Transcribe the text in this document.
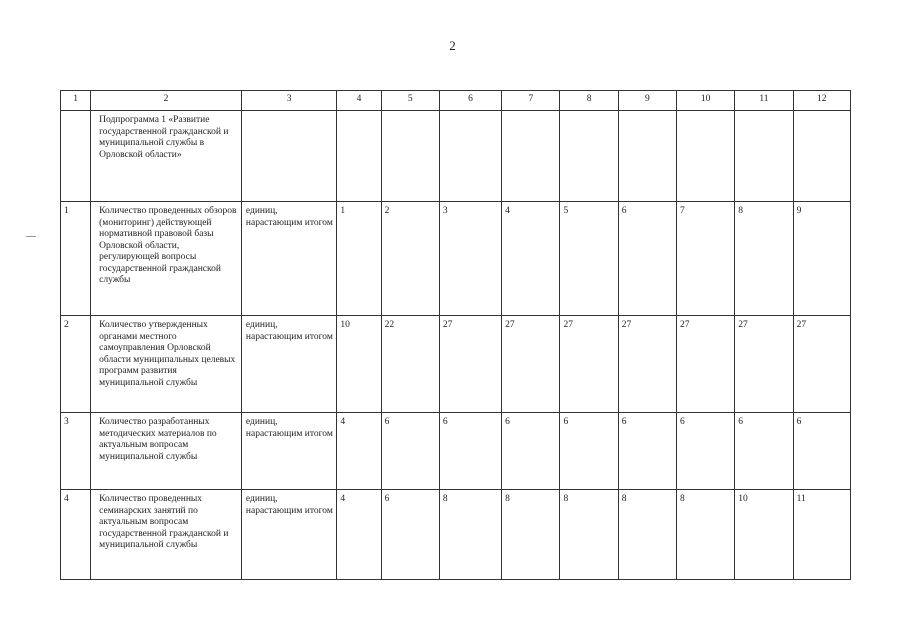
2
1	2	3	4	5	6	7	8	9	10	11	12
	Подпрограмма 1 «Развитие государственной гражданской и муниципальной службы в Орловской области»										
1	Количество проведенных обзоров (мониторинг) действующей нормативной правовой базы Орловской области, регулирующей вопросы государственной гражданской службы	единиц, нарастающим итогом	1	2	3	4	5	6	7	8	9
2	Количество утвержденных органами местного самоуправления Орловской области муниципальных целевых программ развития муниципальной службы	единиц, нарастающим итогом	10	22	27	27	27	27	27	27	27
3	Количество разработанных методических материалов по актуальным вопросам муниципальной службы	единиц, нарастающим итогом	4	6	6	6	6	6	6	6	6
4	Количество проведенных семинарских занятий по актуальным вопросам государственной гражданской и муниципальной службы	единиц, нарастающим итогом	4	6	8	8	8	8	8	10	11
